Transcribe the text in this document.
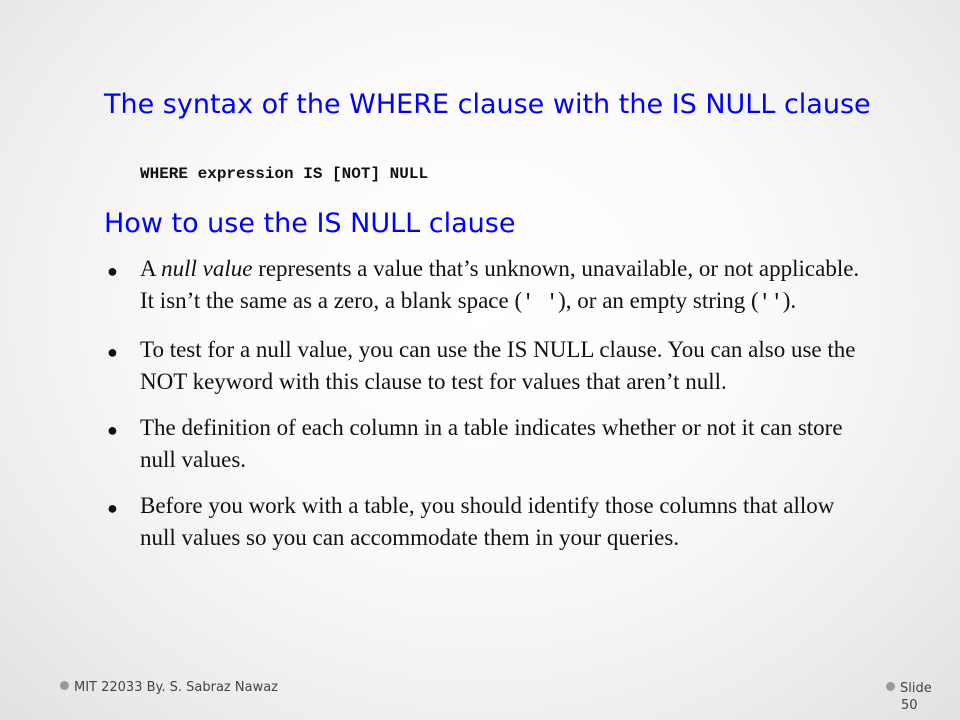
The syntax of the WHERE clause with the IS NULL clause
WHERE expression IS [NOT] NULL
How to use the IS NULL clause
● A null value represents a value that’s unknown, unavailable, or not applicable. It isn’t the same as a zero, a blank space (' '), or an empty string ('').
● To test for a null value, you can use the IS NULL clause. You can also use the NOT keyword with this clause to test for values that aren’t null.
● The definition of each column in a table indicates whether or not it can store null values.
● Before you work with a table, you should identify those columns that allow null values so you can accommodate them in your queries.
MIT 22033 By. S. Sabraz Nawaz	Slide
50
